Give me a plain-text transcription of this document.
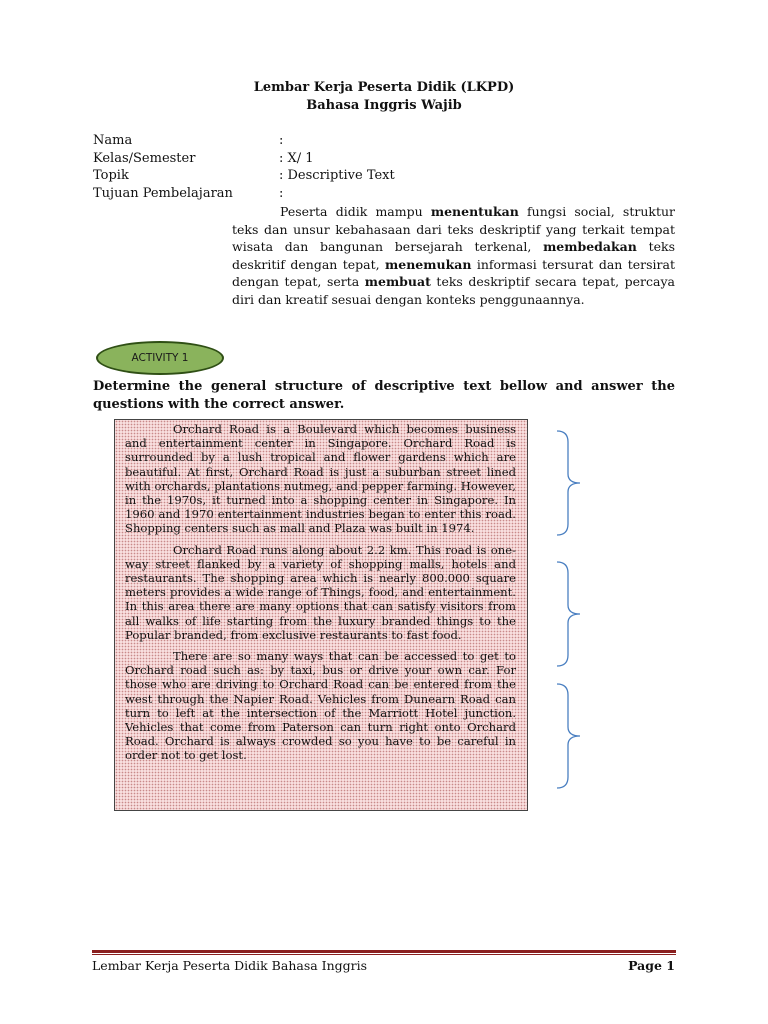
Lembar Kerja Peserta Didik (LKPD)
Bahasa Inggris Wajib
Nama	:
Kelas/Semester	: X/ 1
Topik	: Descriptive Text
Tujuan Pembelajaran	:
Peserta didik mampu menentukan fungsi social, struktur teks dan unsur kebahasaan dari teks deskriptif yang terkait tempat wisata dan bangunan bersejarah terkenal, membedakan teks deskritif dengan tepat, menemukan informasi tersurat dan tersirat dengan tepat, serta membuat teks deskriptif secara tepat, percaya diri dan kreatif sesuai dengan konteks penggunaannya.
ACTIVITY 1
Determine the general structure of descriptive text bellow and answer the questions with the correct answer.

Orchard Road is a Boulevard which becomes business and entertainment center in Singapore. Orchard Road is surrounded by a lush tropical and flower gardens which are beautiful. At first, Orchard Road is just a suburban street lined with orchards, plantations nutmeg, and pepper farming. However, in the 1970s, it turned into a shopping center in Singapore. In 1960 and 1970 entertainment industries began to enter this road. Shopping centers such as mall and Plaza was built in 1974.

Orchard Road runs along about 2.2 km. This road is one-way street flanked by a variety of shopping malls, hotels and restaurants. The shopping area which is nearly 800.000 square meters provides a wide range of Things, food, and entertainment. In this area there are many options that can satisfy visitors from all walks of life starting from the luxury branded things to the Popular branded, from exclusive restaurants to fast food.

There are so many ways that can be accessed to get to Orchard road such as: by taxi, bus or drive your own car. For those who are driving to Orchard Road can be entered from the west through the Napier Road. Vehicles from Dunearn Road can turn to left at the intersection of the Marriott Hotel junction. Vehicles that come from Paterson can turn right onto Orchard Road. Orchard is always crowded so you have to be careful in order not to get lost.

Lembar Kerja Peserta Didik Bahasa Inggris	Page 1
